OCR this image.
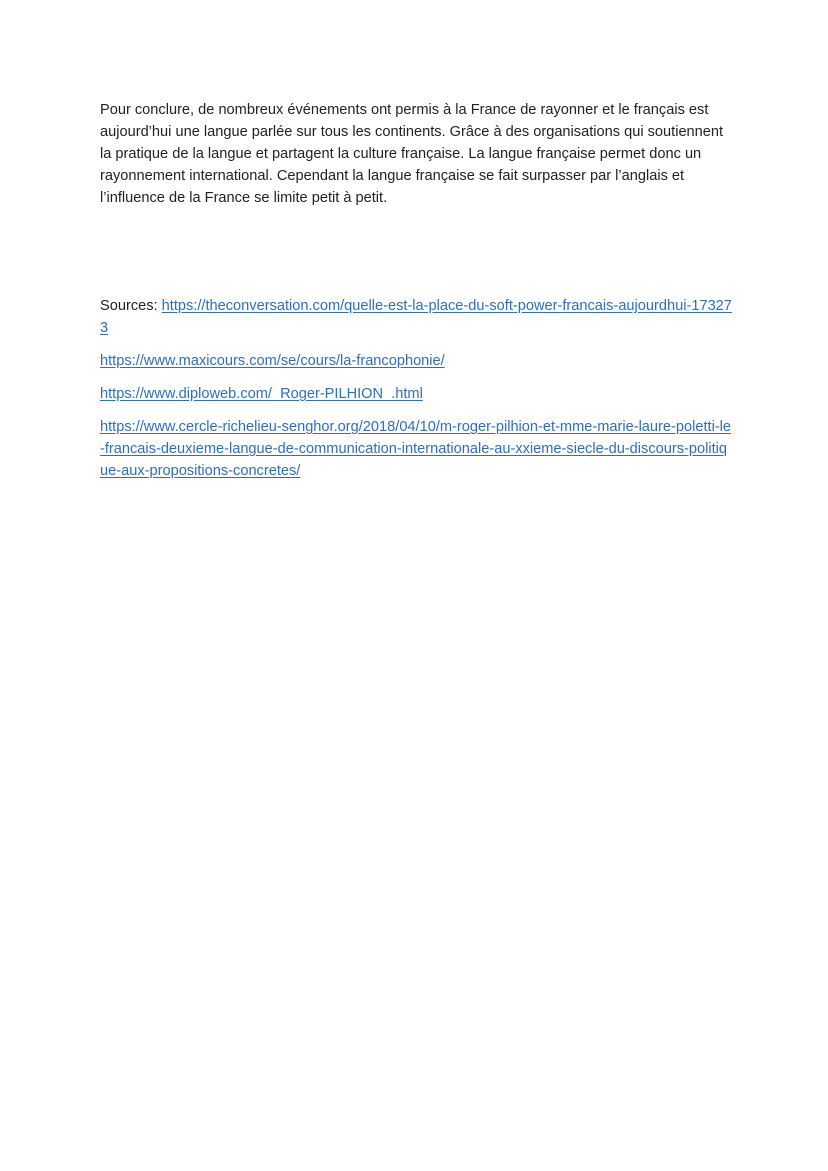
Pour conclure, de nombreux événements ont permis à la France de rayonner et le français est aujourd’hui une langue parlée sur tous les continents. Grâce à des organisations qui soutiennent la pratique de la langue et partagent la culture française. La langue française permet donc un rayonnement international. Cependant la langue française se fait surpasser par l’anglais et l’influence de la France se limite petit à petit.

Sources: https://theconversation.com/quelle-est-la-place-du-soft-power-francais-aujourdhui-173273

https://www.maxicours.com/se/cours/la-francophonie/

https://www.diploweb.com/_Roger-PILHION_.html

https://www.cercle-richelieu-senghor.org/2018/04/10/m-roger-pilhion-et-mme-marie-laure-poletti-le-francais-deuxieme-langue-de-communication-internationale-au-xxieme-siecle-du-discours-politique-aux-propositions-concretes/
